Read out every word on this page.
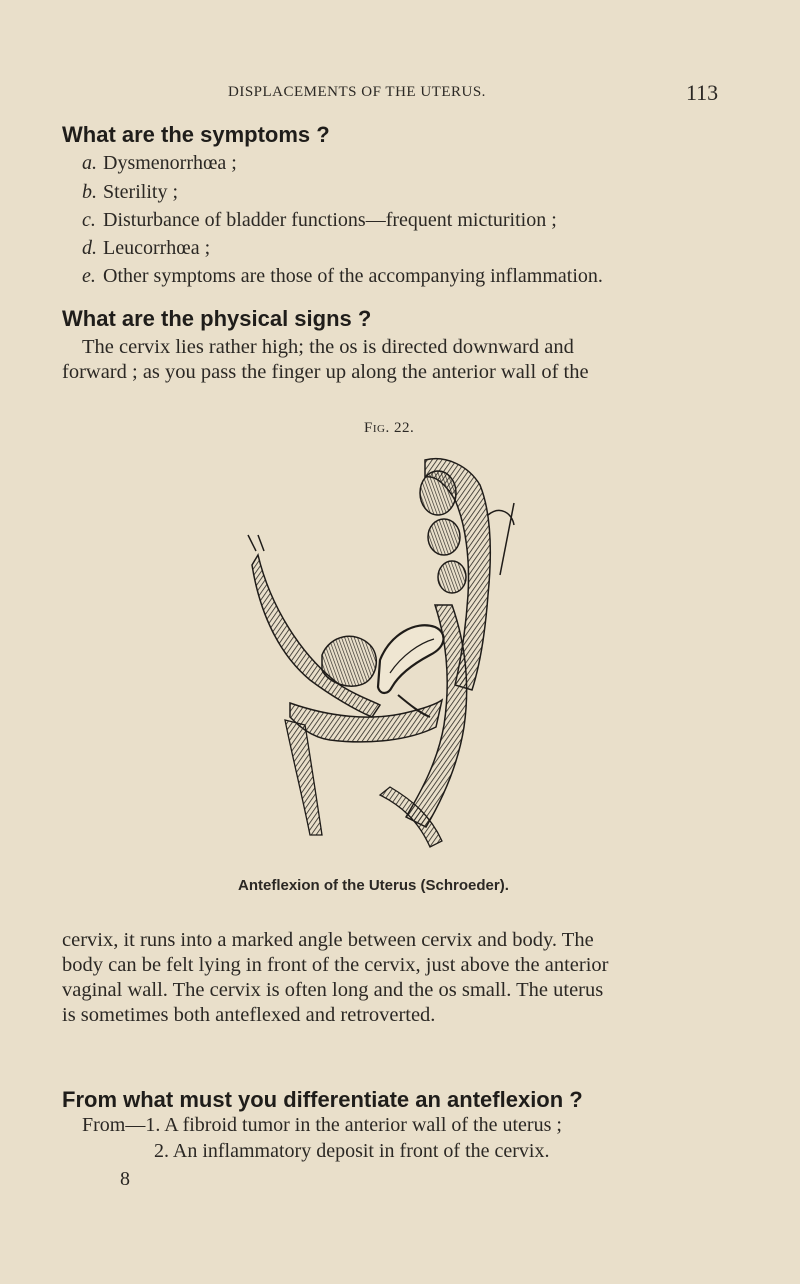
DISPLACEMENTS OF THE UTERUS.	113
What are the symptoms ?
a. Dysmenorrhœa ;
b. Sterility ;
c. Disturbance of bladder functions—frequent micturition ;
d. Leucorrhœa ;
e. Other symptoms are those of the accompanying inflammation.
What are the physical signs ?
The cervix lies rather high; the os is directed downward and
forward ; as you pass the finger up along the anterior wall of the
Fig. 22.
Anteflexion of the Uterus (Schroeder).
cervix, it runs into a marked angle between cervix and body. The
body can be felt lying in front of the cervix, just above the anterior
vaginal wall. The cervix is often long and the os small. The uterus
is sometimes both anteflexed and retroverted.
From what must you differentiate an anteflexion ?
From—1. A fibroid tumor in the anterior wall of the uterus ;
2. An inflammatory deposit in front of the cervix.
8
